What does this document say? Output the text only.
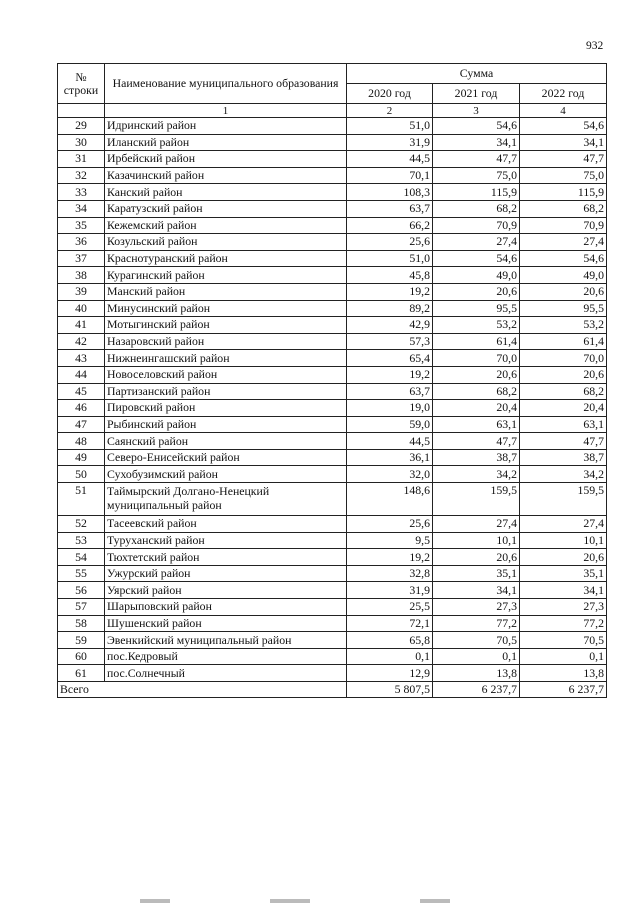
932
№
строки	Наименование муниципального образования	Сумма		
		2020 год	2021 год	2022 год
	1	2	3	4
29	Идринский район	51,0	54,6	54,6
30	Иланский район	31,9	34,1	34,1
31	Ирбейский район	44,5	47,7	47,7
32	Казачинский район	70,1	75,0	75,0
33	Канский район	108,3	115,9	115,9
34	Каратузский район	63,7	68,2	68,2
35	Кежемский район	66,2	70,9	70,9
36	Козульский район	25,6	27,4	27,4
37	Краснотуранский район	51,0	54,6	54,6
38	Курагинский район	45,8	49,0	49,0
39	Манский район	19,2	20,6	20,6
40	Минусинский район	89,2	95,5	95,5
41	Мотыгинский район	42,9	53,2	53,2
42	Назаровский район	57,3	61,4	61,4
43	Нижнеингашский район	65,4	70,0	70,0
44	Новоселовский район	19,2	20,6	20,6
45	Партизанский район	63,7	68,2	68,2
46	Пировский район	19,0	20,4	20,4
47	Рыбинский район	59,0	63,1	63,1
48	Саянский район	44,5	47,7	47,7
49	Северо-Енисейский район	36,1	38,7	38,7
50	Сухобузимский район	32,0	34,2	34,2
51	Таймырский Долгано-Ненецкий муниципальный район	148,6	159,5	159,5
52	Тасеевский район	25,6	27,4	27,4
53	Туруханский район	9,5	10,1	10,1
54	Тюхтетский район	19,2	20,6	20,6
55	Ужурский район	32,8	35,1	35,1
56	Уярский район	31,9	34,1	34,1
57	Шарыповский район	25,5	27,3	27,3
58	Шушенский район	72,1	77,2	77,2
59	Эвенкийский муниципальный район	65,8	70,5	70,5
60	пос.Кедровый	0,1	0,1	0,1
61	пос.Солнечный	12,9	13,8	13,8
Всего		5 807,5	6 237,7	6 237,7
